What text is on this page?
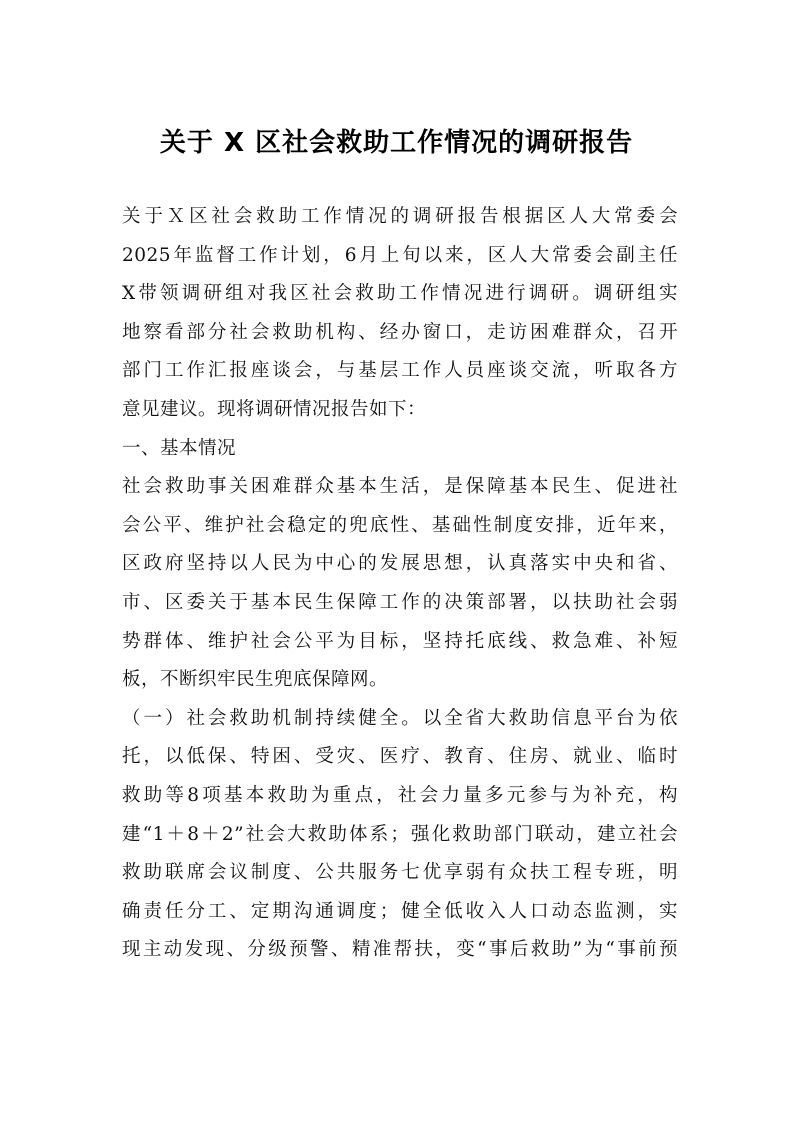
关于 X 区社会救助工作情况的调研报告
关于Ｘ区社会救助工作情况的调研报告根据区人大常委会
2025年监督工作计划，6月上旬以来，区人大常委会副主任
X带领调研组对我区社会救助工作情况进行调研。调研组实
地察看部分社会救助机构、经办窗口，走访困难群众，召开
部门工作汇报座谈会，与基层工作人员座谈交流，听取各方
意见建议。现将调研情况报告如下：
一、基本情况
社会救助事关困难群众基本生活，是保障基本民生、促进社
会公平、维护社会稳定的兜底性、基础性制度安排，近年来，
区政府坚持以人民为中心的发展思想，认真落实中央和省、
市、区委关于基本民生保障工作的决策部署，以扶助社会弱
势群体、维护社会公平为目标，坚持托底线、救急难、补短
板，不断织牢民生兜底保障网。
（一）社会救助机制持续健全。以全省大救助信息平台为依
托，以低保、特困、受灾、医疗、教育、住房、就业、临时
救助等8项基本救助为重点，社会力量多元参与为补充，构
建“1＋8＋2”社会大救助体系；强化救助部门联动，建立社会
救助联席会议制度、公共服务七优享弱有众扶工程专班，明
确责任分工、定期沟通调度；健全低收入人口动态监测，实
现主动发现、分级预警、精准帮扶，变“事后救助”为“事前预
